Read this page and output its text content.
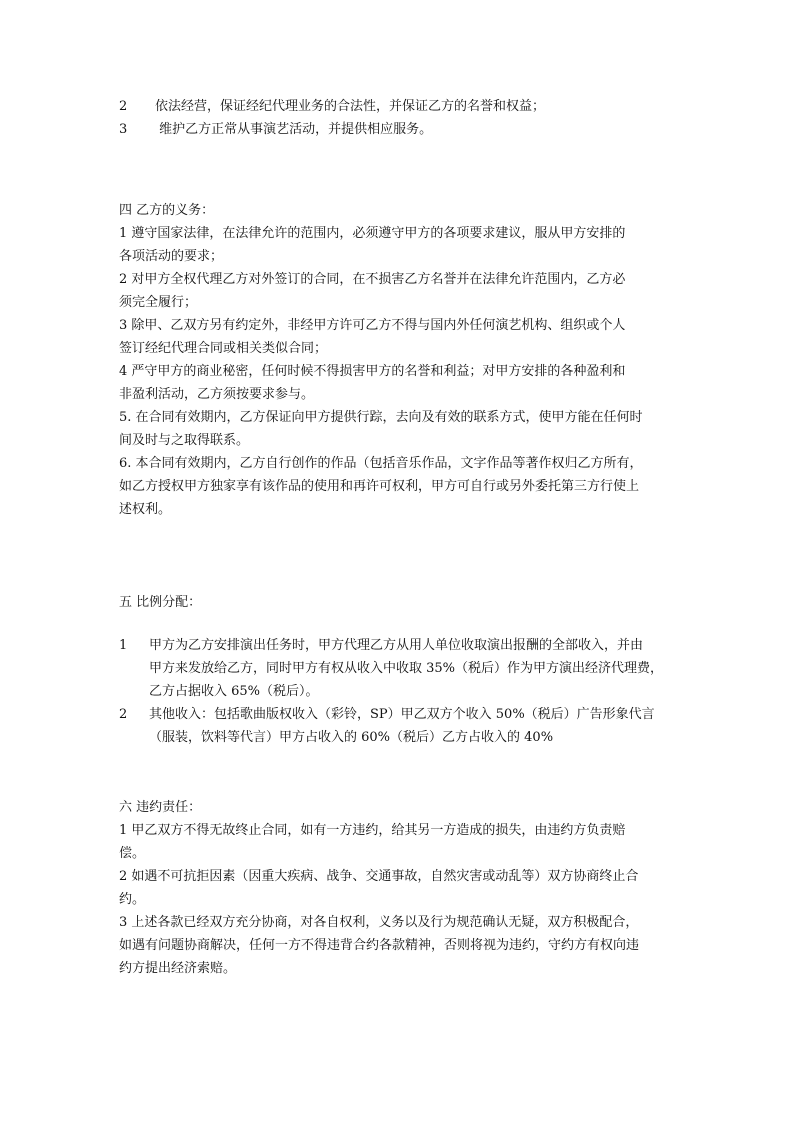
2 依法经营，保证经纪代理业务的合法性，并保证乙方的名誉和权益；
3 维护乙方正常从事演艺活动，并提供相应服务。
四 乙方的义务：
1 遵守国家法律，在法律允许的范围内，必须遵守甲方的各项要求建议，服从甲方安排的
各项活动的要求；
2 对甲方全权代理乙方对外签订的合同，在不损害乙方名誉并在法律允许范围内，乙方必
须完全履行；
3 除甲、乙双方另有约定外，非经甲方许可乙方不得与国内外任何演艺机构、组织或个人
签订经纪代理合同或相关类似合同；
4 严守甲方的商业秘密，任何时候不得损害甲方的名誉和利益；对甲方安排的各种盈利和
非盈利活动，乙方须按要求参与。
5. 在合同有效期内，乙方保证向甲方提供行踪，去向及有效的联系方式，使甲方能在任何时
间及时与之取得联系。
6. 本合同有效期内，乙方自行创作的作品（包括音乐作品，文字作品等著作权归乙方所有，
如乙方授权甲方独家享有该作品的使用和再许可权利，甲方可自行或另外委托第三方行使上
述权利。
五 比例分配：
1	甲方为乙方安排演出任务时，甲方代理乙方从用人单位收取演出报酬的全部收入，并由
甲方来发放给乙方，同时甲方有权从收入中收取 35%（税后）作为甲方演出经济代理费，
乙方占据收入 65%（税后）。
2	其他收入：包括歌曲版权收入（彩铃，SP）甲乙双方个收入 50%（税后）广告形象代言
（服装，饮料等代言）甲方占收入的 60%（税后）乙方占收入的 40%
六 违约责任：
1 甲乙双方不得无故终止合同，如有一方违约，给其另一方造成的损失，由违约方负责赔
偿。
2 如遇不可抗拒因素（因重大疾病、战争、交通事故，自然灾害或动乱等）双方协商终止合
约。
3 上述各款已经双方充分协商，对各自权利，义务以及行为规范确认无疑，双方积极配合，
如遇有问题协商解决，任何一方不得违背合约各款精神，否则将视为违约，守约方有权向违
约方提出经济索赔。
